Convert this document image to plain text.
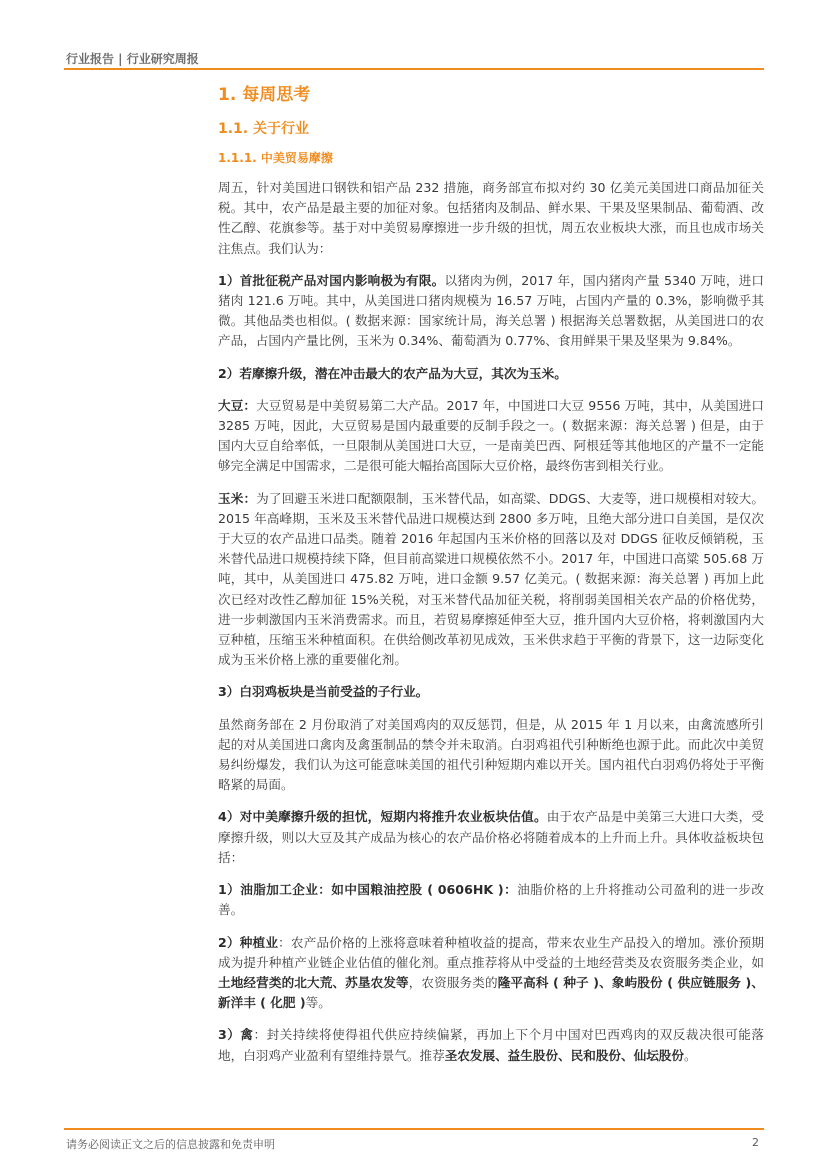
行业报告 | 行业研究周报
1. 每周思考
1.1. 关于行业
1.1.1. 中美贸易摩擦

周五，针对美国进口钢铁和铝产品 232 措施，商务部宣布拟对约 30 亿美元美国进口商品加征关税。其中，农产品是最主要的加征对象。包括猪肉及制品、鲜水果、干果及坚果制品、葡萄酒、改性乙醇、花旗参等。基于对中美贸易摩擦进一步升级的担忧，周五农业板块大涨，而且也成市场关注焦点。我们认为：

1）首批征税产品对国内影响极为有限。以猪肉为例，2017 年，国内猪肉产量 5340 万吨，进口猪肉 121.6 万吨。其中，从美国进口猪肉规模为 16.57 万吨，占国内产量的 0.3%，影响微乎其微。其他品类也相似。( 数据来源：国家统计局，海关总署 ) 根据海关总署数据，从美国进口的农产品，占国内产量比例，玉米为 0.34%、葡萄酒为 0.77%、食用鲜果干果及坚果为 9.84%。

2）若摩擦升级，潜在冲击最大的农产品为大豆，其次为玉米。

大豆：大豆贸易是中美贸易第二大产品。2017 年，中国进口大豆 9556 万吨，其中，从美国进口 3285 万吨，因此，大豆贸易是国内最重要的反制手段之一。( 数据来源：海关总署 ) 但是，由于国内大豆自给率低，一旦限制从美国进口大豆，一是南美巴西、阿根廷等其他地区的产量不一定能够完全满足中国需求，二是很可能大幅抬高国际大豆价格，最终伤害到相关行业。

玉米：为了回避玉米进口配额限制，玉米替代品，如高粱、DDGS、大麦等，进口规模相对较大。2015 年高峰期，玉米及玉米替代品进口规模达到 2800 多万吨，且绝大部分进口自美国，是仅次于大豆的农产品进口品类。随着 2016 年起国内玉米价格的回落以及对 DDGS 征收反倾销税，玉米替代品进口规模持续下降，但目前高粱进口规模依然不小。2017 年，中国进口高粱 505.68 万吨，其中，从美国进口 475.82 万吨，进口金额 9.57 亿美元。( 数据来源：海关总署 ) 再加上此次已经对改性乙醇加征 15%关税，对玉米替代品加征关税，将削弱美国相关农产品的价格优势，进一步刺激国内玉米消费需求。而且，若贸易摩擦延伸至大豆，推升国内大豆价格，将刺激国内大豆种植，压缩玉米种植面积。在供给侧改革初见成效，玉米供求趋于平衡的背景下，这一边际变化成为玉米价格上涨的重要催化剂。

3）白羽鸡板块是当前受益的子行业。

虽然商务部在 2 月份取消了对美国鸡肉的双反惩罚，但是，从 2015 年 1 月以来，由禽流感所引起的对从美国进口禽肉及禽蛋制品的禁令并未取消。白羽鸡祖代引种断绝也源于此。而此次中美贸易纠纷爆发，我们认为这可能意味美国的祖代引种短期内难以开关。国内祖代白羽鸡仍将处于平衡略紧的局面。

4）对中美摩擦升级的担忧，短期内将推升农业板块估值。由于农产品是中美第三大进口大类，受摩擦升级，则以大豆及其产成品为核心的农产品价格必将随着成本的上升而上升。具体收益板块包括：

1）油脂加工企业：如中国粮油控股 ( 0606HK )：油脂价格的上升将推动公司盈利的进一步改善。

2）种植业：农产品价格的上涨将意味着种植收益的提高，带来农业生产品投入的增加。涨价预期成为提升种植产业链企业估值的催化剂。重点推荐将从中受益的土地经营类及农资服务类企业，如土地经营类的北大荒、苏垦农发等，农资服务类的隆平高科 ( 种子 )、象屿股份 ( 供应链服务 )、新洋丰 ( 化肥 )等。

3）禽：封关持续将使得祖代供应持续偏紧，再加上下个月中国对巴西鸡肉的双反裁决很可能落地，白羽鸡产业盈利有望维持景气。推荐圣农发展、益生股份、民和股份、仙坛股份。

请务必阅读正文之后的信息披露和免责申明	2
